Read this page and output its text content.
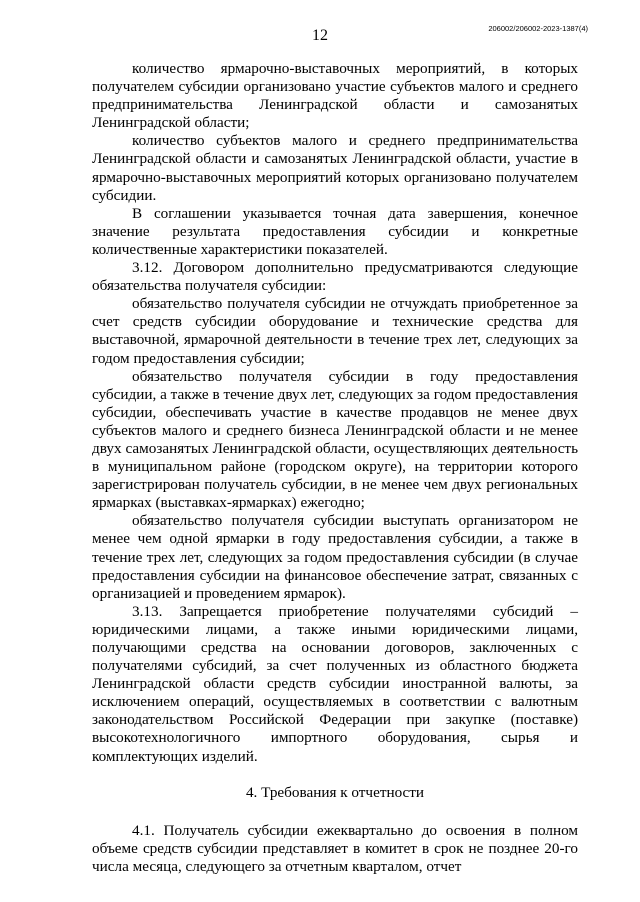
12	206002/206002-2023-1387(4)

количество ярмарочно-выставочных мероприятий, в которых получателем субсидии организовано участие субъектов малого и среднего предпринимательства Ленинградской области и самозанятых Ленинградской области;

количество субъектов малого и среднего предпринимательства Ленинградской области и самозанятых Ленинградской области, участие в ярмарочно-выставочных мероприятий которых организовано получателем субсидии.

В соглашении указывается точная дата завершения, конечное значение результата предоставления субсидии и конкретные количественные характеристики показателей.

3.12. Договором дополнительно предусматриваются следующие обязательства получателя субсидии:

обязательство получателя субсидии не отчуждать приобретенное за счет средств субсидии оборудование и технические средства для выставочной, ярмарочной деятельности в течение трех лет, следующих за годом предоставления субсидии;

обязательство получателя субсидии в году предоставления субсидии, а также в течение двух лет, следующих за годом предоставления субсидии, обеспечивать участие в качестве продавцов не менее двух субъектов малого и среднего бизнеса Ленинградской области и не менее двух самозанятых Ленинградской области, осуществляющих деятельность в муниципальном районе (городском округе), на территории которого зарегистрирован получатель субсидии, в не менее чем двух региональных ярмарках (выставках-ярмарках) ежегодно;

обязательство получателя субсидии выступать организатором не менее чем одной ярмарки в году предоставления субсидии, а также в течение трех лет, следующих за годом предоставления субсидии (в случае предоставления субсидии на финансовое обеспечение затрат, связанных с организацией и проведением ярмарок).

3.13. Запрещается приобретение получателями субсидий – юридическими лицами, а также иными юридическими лицами, получающими средства на основании договоров, заключенных с получателями субсидий, за счет полученных из областного бюджета Ленинградской области средств субсидии иностранной валюты, за исключением операций, осуществляемых в соответствии с валютным законодательством Российской Федерации при закупке (поставке) высокотехнологичного импортного оборудования, сырья и комплектующих изделий.

4. Требования к отчетности

4.1. Получатель субсидии ежеквартально до освоения в полном объеме средств субсидии представляет в комитет в срок не позднее 20-го числа месяца, следующего за отчетным кварталом, отчет
